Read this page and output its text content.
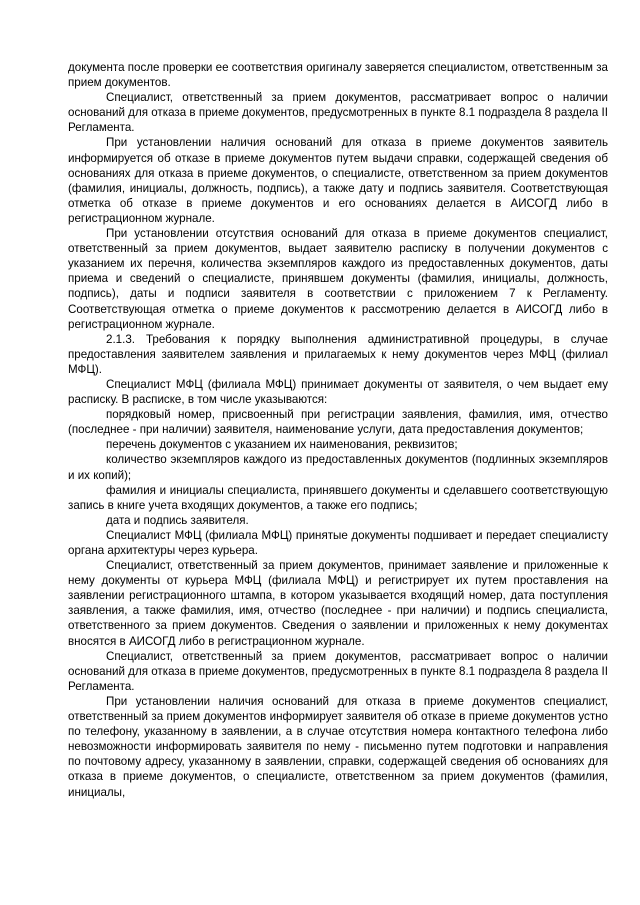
документа после проверки ее соответствия оригиналу заверяется специалистом, ответственным за прием документов.

Специалист, ответственный за прием документов, рассматривает вопрос о наличии оснований для отказа в приеме документов, предусмотренных в пункте 8.1 подраздела 8 раздела II Регламента.

При установлении наличия оснований для отказа в приеме документов заявитель информируется об отказе в приеме документов путем выдачи справки, содержащей сведения об основаниях для отказа в приеме документов, о специалисте, ответственном за прием документов (фамилия, инициалы, должность, подпись), а также дату и подпись заявителя. Соответствующая отметка об отказе в приеме документов и его основаниях делается в АИСОГД либо в регистрационном журнале.

При установлении отсутствия оснований для отказа в приеме документов специалист, ответственный за прием документов, выдает заявителю расписку в получении документов с указанием их перечня, количества экземпляров каждого из предоставленных документов, даты приема и сведений о специалисте, принявшем документы (фамилия, инициалы, должность, подпись), даты и подписи заявителя в соответствии с приложением 7 к Регламенту. Соответствующая отметка о приеме документов к рассмотрению делается в АИСОГД либо в регистрационном журнале.

2.1.3. Требования к порядку выполнения административной процедуры, в случае предоставления заявителем заявления и прилагаемых к нему документов через МФЦ (филиал МФЦ).

Специалист МФЦ (филиала МФЦ) принимает документы от заявителя, о чем выдает ему расписку. В расписке, в том числе указываются:

порядковый номер, присвоенный при регистрации заявления, фамилия, имя, отчество (последнее - при наличии) заявителя, наименование услуги, дата предоставления документов;

перечень документов с указанием их наименования, реквизитов;

количество экземпляров каждого из предоставленных документов (подлинных экземпляров и их копий);

фамилия и инициалы специалиста, принявшего документы и сделавшего соответствующую запись в книге учета входящих документов, а также его подпись;

дата и подпись заявителя.

Специалист МФЦ (филиала МФЦ) принятые документы подшивает и передает специалисту органа архитектуры через курьера.

Специалист, ответственный за прием документов, принимает заявление и приложенные к нему документы от курьера МФЦ (филиала МФЦ) и регистрирует их путем проставления на заявлении регистрационного штампа, в котором указывается входящий номер, дата поступления заявления, а также фамилия, имя, отчество (последнее - при наличии) и подпись специалиста, ответственного за прием документов. Сведения о заявлении и приложенных к нему документах вносятся в АИСОГД либо в регистрационном журнале.

Специалист, ответственный за прием документов, рассматривает вопрос о наличии оснований для отказа в приеме документов, предусмотренных в пункте 8.1 подраздела 8 раздела II Регламента.

При установлении наличия оснований для отказа в приеме документов специалист, ответственный за прием документов информирует заявителя об отказе в приеме документов устно по телефону, указанному в заявлении, а в случае отсутствия номера контактного телефона либо невозможности информировать заявителя по нему - письменно путем подготовки и направления по почтовому адресу, указанному в заявлении, справки, содержащей сведения об основаниях для отказа в приеме документов, о специалисте, ответственном за прием документов (фамилия, инициалы,
